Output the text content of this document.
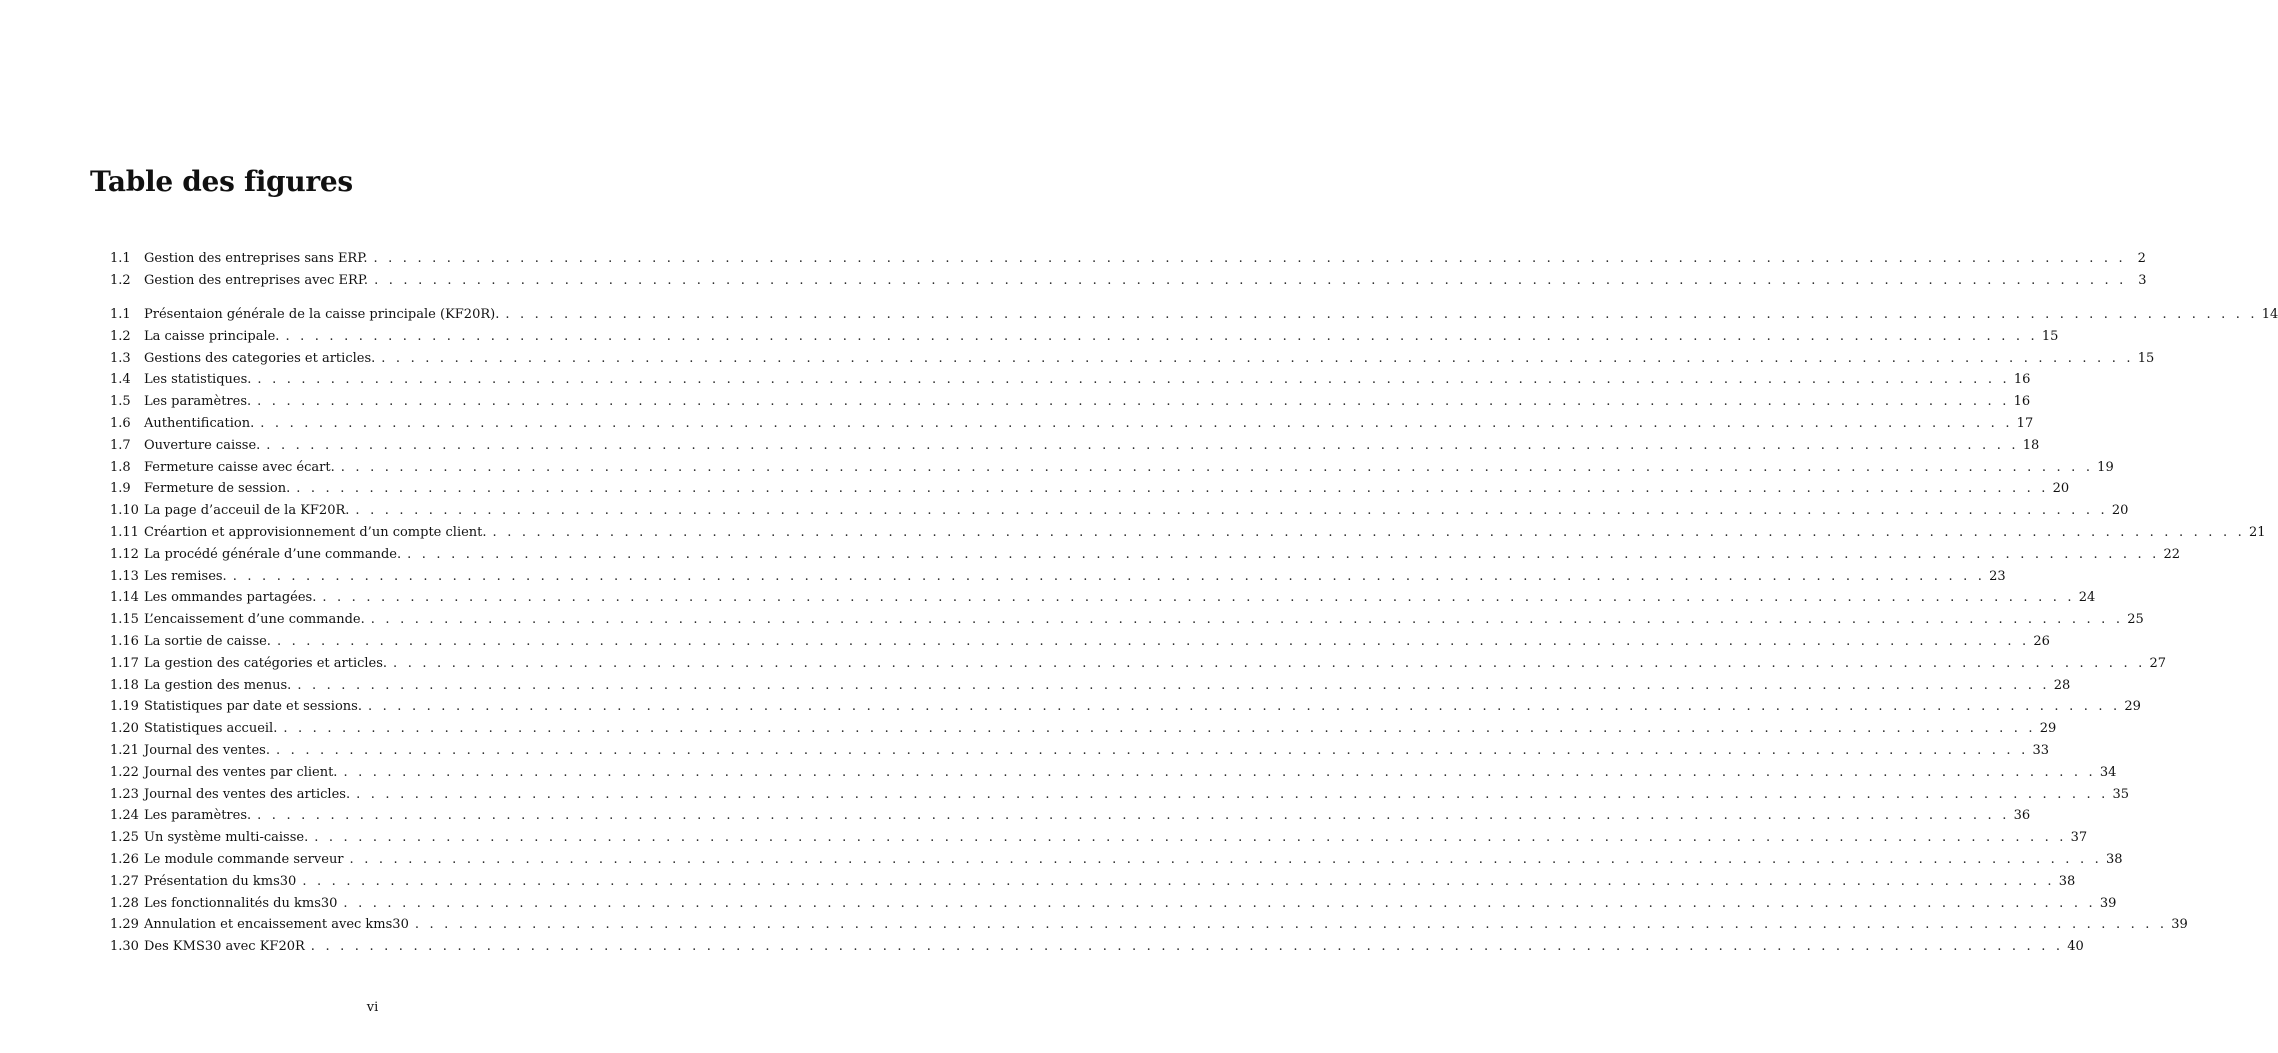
Table des figures
1.1	Gestion des entreprises sans ERP. . . . . . . . . . . . . . . . . . . . . . . . . . . . . . . . . . . . . . . . . . . . . . . . . . . . . . . . . . . . . . . . . . . . . . . . . . . . . . . . . . . . . . . . . . . . . . . . . . . . . . . . . . . . . . . . . . . . . . . . . 2
1.2	Gestion des entreprises avec ERP. . . . . . . . . . . . . . . . . . . . . . . . . . . . . . . . . . . . . . . . . . . . . . . . . . . . . . . . . . . . . . . . . . . . . . . . . . . . . . . . . . . . . . . . . . . . . . . . . . . . . . . . . . . . . . . . . . . . . . . . . 3
1.1	Présentaion générale de la caisse principale (KF20R). . . . . . . . . . . . . . . . . . . . . . . . . . . . . . . . . . . . . . . . . . . . . . . . . . . . . . . . . . . . . . . . . . . . . . . . . . . . . . . . . . . . . . . . . . . . . . . . . . . . . . . . . . . . . . . . . . . . . . . . . 14
1.2	La caisse principale. . . . . . . . . . . . . . . . . . . . . . . . . . . . . . . . . . . . . . . . . . . . . . . . . . . . . . . . . . . . . . . . . . . . . . . . . . . . . . . . . . . . . . . . . . . . . . . . . . . . . . . . . . . . . . . . . . . . . . . . . 15
1.3	Gestions des categories et articles. . . . . . . . . . . . . . . . . . . . . . . . . . . . . . . . . . . . . . . . . . . . . . . . . . . . . . . . . . . . . . . . . . . . . . . . . . . . . . . . . . . . . . . . . . . . . . . . . . . . . . . . . . . . . . . . . . . . . . . . . 15
1.4	Les statistiques. . . . . . . . . . . . . . . . . . . . . . . . . . . . . . . . . . . . . . . . . . . . . . . . . . . . . . . . . . . . . . . . . . . . . . . . . . . . . . . . . . . . . . . . . . . . . . . . . . . . . . . . . . . . . . . . . . . . . . . . . 16
1.5	Les paramètres. . . . . . . . . . . . . . . . . . . . . . . . . . . . . . . . . . . . . . . . . . . . . . . . . . . . . . . . . . . . . . . . . . . . . . . . . . . . . . . . . . . . . . . . . . . . . . . . . . . . . . . . . . . . . . . . . . . . . . . . . 16
1.6	Authentification. . . . . . . . . . . . . . . . . . . . . . . . . . . . . . . . . . . . . . . . . . . . . . . . . . . . . . . . . . . . . . . . . . . . . . . . . . . . . . . . . . . . . . . . . . . . . . . . . . . . . . . . . . . . . . . . . . . . . . . . . 17
1.7	Ouverture caisse. . . . . . . . . . . . . . . . . . . . . . . . . . . . . . . . . . . . . . . . . . . . . . . . . . . . . . . . . . . . . . . . . . . . . . . . . . . . . . . . . . . . . . . . . . . . . . . . . . . . . . . . . . . . . . . . . . . . . . . . . 18
1.8	Fermeture caisse avec écart. . . . . . . . . . . . . . . . . . . . . . . . . . . . . . . . . . . . . . . . . . . . . . . . . . . . . . . . . . . . . . . . . . . . . . . . . . . . . . . . . . . . . . . . . . . . . . . . . . . . . . . . . . . . . . . . . . . . . . . . . 19
1.9	Fermeture de session. . . . . . . . . . . . . . . . . . . . . . . . . . . . . . . . . . . . . . . . . . . . . . . . . . . . . . . . . . . . . . . . . . . . . . . . . . . . . . . . . . . . . . . . . . . . . . . . . . . . . . . . . . . . . . . . . . . . . . . . . 20
1.10 La page d’acceuil de la KF20R. . . . . . . . . . . . . . . . . . . . . . . . . . . . . . . . . . . . . . . . . . . . . . . . . . . . . . . . . . . . . . . . . . . . . . . . . . . . . . . . . . . . . . . . . . . . . . . . . . . . . . . . . . . . . . . . . . . . . . . . . 20
1.11 Créartion et approvisionnement d’un compte client. . . . . . . . . . . . . . . . . . . . . . . . . . . . . . . . . . . . . . . . . . . . . . . . . . . . . . . . . . . . . . . . . . . . . . . . . . . . . . . . . . . . . . . . . . . . . . . . . . . . . . . . . . . . . . . . . . . . . . . . . 21
1.12 La procédé générale d’une commande. . . . . . . . . . . . . . . . . . . . . . . . . . . . . . . . . . . . . . . . . . . . . . . . . . . . . . . . . . . . . . . . . . . . . . . . . . . . . . . . . . . . . . . . . . . . . . . . . . . . . . . . . . . . . . . . . . . . . . . . . 22
1.13 Les remises. . . . . . . . . . . . . . . . . . . . . . . . . . . . . . . . . . . . . . . . . . . . . . . . . . . . . . . . . . . . . . . . . . . . . . . . . . . . . . . . . . . . . . . . . . . . . . . . . . . . . . . . . . . . . . . . . . . . . . . . . 23
1.14 Les ommandes partagées. . . . . . . . . . . . . . . . . . . . . . . . . . . . . . . . . . . . . . . . . . . . . . . . . . . . . . . . . . . . . . . . . . . . . . . . . . . . . . . . . . . . . . . . . . . . . . . . . . . . . . . . . . . . . . . . . . . . . . . . . 24
1.15 L’encaissement d’une commande. . . . . . . . . . . . . . . . . . . . . . . . . . . . . . . . . . . . . . . . . . . . . . . . . . . . . . . . . . . . . . . . . . . . . . . . . . . . . . . . . . . . . . . . . . . . . . . . . . . . . . . . . . . . . . . . . . . . . . . . . 25
1.16 La sortie de caisse. . . . . . . . . . . . . . . . . . . . . . . . . . . . . . . . . . . . . . . . . . . . . . . . . . . . . . . . . . . . . . . . . . . . . . . . . . . . . . . . . . . . . . . . . . . . . . . . . . . . . . . . . . . . . . . . . . . . . . . . . 26
1.17 La gestion des catégories et articles. . . . . . . . . . . . . . . . . . . . . . . . . . . . . . . . . . . . . . . . . . . . . . . . . . . . . . . . . . . . . . . . . . . . . . . . . . . . . . . . . . . . . . . . . . . . . . . . . . . . . . . . . . . . . . . . . . . . . . . . . 27
1.18 La gestion des menus. . . . . . . . . . . . . . . . . . . . . . . . . . . . . . . . . . . . . . . . . . . . . . . . . . . . . . . . . . . . . . . . . . . . . . . . . . . . . . . . . . . . . . . . . . . . . . . . . . . . . . . . . . . . . . . . . . . . . . . . . 28
1.19 Statistiques par date et sessions. . . . . . . . . . . . . . . . . . . . . . . . . . . . . . . . . . . . . . . . . . . . . . . . . . . . . . . . . . . . . . . . . . . . . . . . . . . . . . . . . . . . . . . . . . . . . . . . . . . . . . . . . . . . . . . . . . . . . . . . . 29
1.20 Statistiques accueil. . . . . . . . . . . . . . . . . . . . . . . . . . . . . . . . . . . . . . . . . . . . . . . . . . . . . . . . . . . . . . . . . . . . . . . . . . . . . . . . . . . . . . . . . . . . . . . . . . . . . . . . . . . . . . . . . . . . . . . . . 29
1.21 Journal des ventes. . . . . . . . . . . . . . . . . . . . . . . . . . . . . . . . . . . . . . . . . . . . . . . . . . . . . . . . . . . . . . . . . . . . . . . . . . . . . . . . . . . . . . . . . . . . . . . . . . . . . . . . . . . . . . . . . . . . . . . . . 33
1.22 Journal des ventes par client. . . . . . . . . . . . . . . . . . . . . . . . . . . . . . . . . . . . . . . . . . . . . . . . . . . . . . . . . . . . . . . . . . . . . . . . . . . . . . . . . . . . . . . . . . . . . . . . . . . . . . . . . . . . . . . . . . . . . . . . . 34
1.23 Journal des ventes des articles. . . . . . . . . . . . . . . . . . . . . . . . . . . . . . . . . . . . . . . . . . . . . . . . . . . . . . . . . . . . . . . . . . . . . . . . . . . . . . . . . . . . . . . . . . . . . . . . . . . . . . . . . . . . . . . . . . . . . . . . . 35
1.24 Les paramètres. . . . . . . . . . . . . . . . . . . . . . . . . . . . . . . . . . . . . . . . . . . . . . . . . . . . . . . . . . . . . . . . . . . . . . . . . . . . . . . . . . . . . . . . . . . . . . . . . . . . . . . . . . . . . . . . . . . . . . . . . 36
1.25 Un système multi-caisse. . . . . . . . . . . . . . . . . . . . . . . . . . . . . . . . . . . . . . . . . . . . . . . . . . . . . . . . . . . . . . . . . . . . . . . . . . . . . . . . . . . . . . . . . . . . . . . . . . . . . . . . . . . . . . . . . . . . . . . . . 37
1.26 Le module commande serveur . . . . . . . . . . . . . . . . . . . . . . . . . . . . . . . . . . . . . . . . . . . . . . . . . . . . . . . . . . . . . . . . . . . . . . . . . . . . . . . . . . . . . . . . . . . . . . . . . . . . . . . . . . . . . . . . . . . . . . . . 38
1.27 Présentation du kms30 . . . . . . . . . . . . . . . . . . . . . . . . . . . . . . . . . . . . . . . . . . . . . . . . . . . . . . . . . . . . . . . . . . . . . . . . . . . . . . . . . . . . . . . . . . . . . . . . . . . . . . . . . . . . . . . . . . . . . . . . 38
1.28 Les fonctionnalités du kms30 . . . . . . . . . . . . . . . . . . . . . . . . . . . . . . . . . . . . . . . . . . . . . . . . . . . . . . . . . . . . . . . . . . . . . . . . . . . . . . . . . . . . . . . . . . . . . . . . . . . . . . . . . . . . . . . . . . . . . . . . 39
1.29 Annulation et encaissement avec kms30 . . . . . . . . . . . . . . . . . . . . . . . . . . . . . . . . . . . . . . . . . . . . . . . . . . . . . . . . . . . . . . . . . . . . . . . . . . . . . . . . . . . . . . . . . . . . . . . . . . . . . . . . . . . . . . . . . . . . . . . . 39
1.30 Des KMS30 avec KF20R . . . . . . . . . . . . . . . . . . . . . . . . . . . . . . . . . . . . . . . . . . . . . . . . . . . . . . . . . . . . . . . . . . . . . . . . . . . . . . . . . . . . . . . . . . . . . . . . . . . . . . . . . . . . . . . . . . . . . . . . 40
vi
